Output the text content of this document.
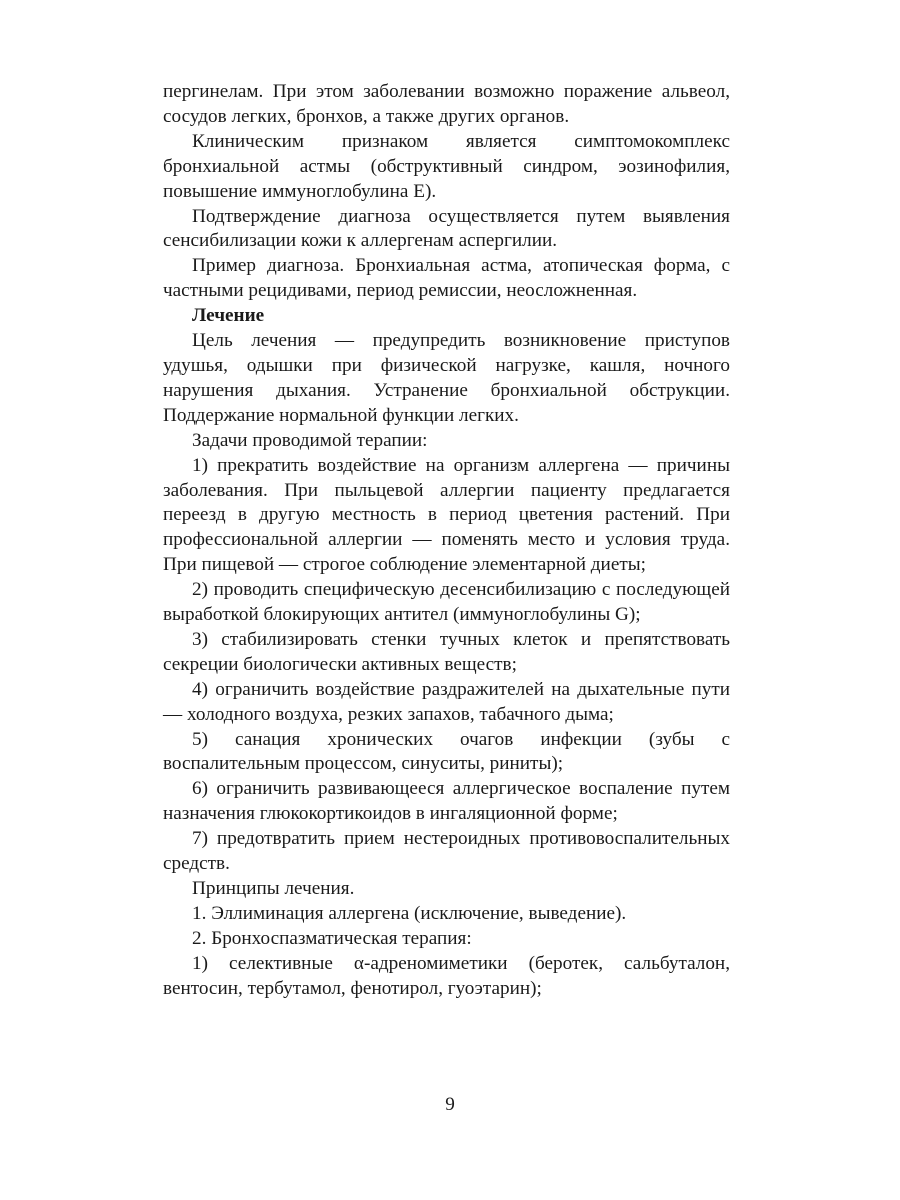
пергинелам. При этом заболевании возможно поражение альвеол, сосудов легких, бронхов, а также других органов.

Клиническим признаком является симптомокомплекс бронхиальной астмы (обструктивный синдром, эозинофилия, повышение иммуноглобулина E).

Подтверждение диагноза осуществляется путем выявления сенсибилизации кожи к аллергенам аспергилии.

Пример диагноза. Бронхиальная астма, атопическая форма, с частными рецидивами, период ремиссии, неосложненная.

Лечение

Цель лечения — предупредить возникновение приступов удушья, одышки при физической нагрузке, кашля, ночного нарушения дыхания. Устранение бронхиальной обструкции. Поддержание нормальной функции легких.

Задачи проводимой терапии:

1) прекратить воздействие на организм аллергена — причины заболевания. При пыльцевой аллергии пациенту предлагается переезд в другую местность в период цветения растений. При профессиональной аллергии — поменять место и условия труда. При пищевой — строгое соблюдение элементарной диеты;

2) проводить специфическую десенсибилизацию с последующей выработкой блокирующих антител (иммуноглобулины G);

3) стабилизировать стенки тучных клеток и препятствовать секреции биологически активных веществ;

4) ограничить воздействие раздражителей на дыхательные пути — холодного воздуха, резких запахов, табачного дыма;

5) санация хронических очагов инфекции (зубы с воспалительным процессом, синуситы, риниты);

6) ограничить развивающееся аллергическое воспаление путем назначения глюкокортикоидов в ингаляционной форме;

7) предотвратить прием нестероидных противовоспалительных средств.

Принципы лечения.

1. Эллиминация аллергена (исключение, выведение).

2. Бронхоспазматическая терапия:

1) селективные α-адреномиметики (беротек, сальбуталон, вентосин, тербутамол, фенотирол, гуоэтарин);

9
